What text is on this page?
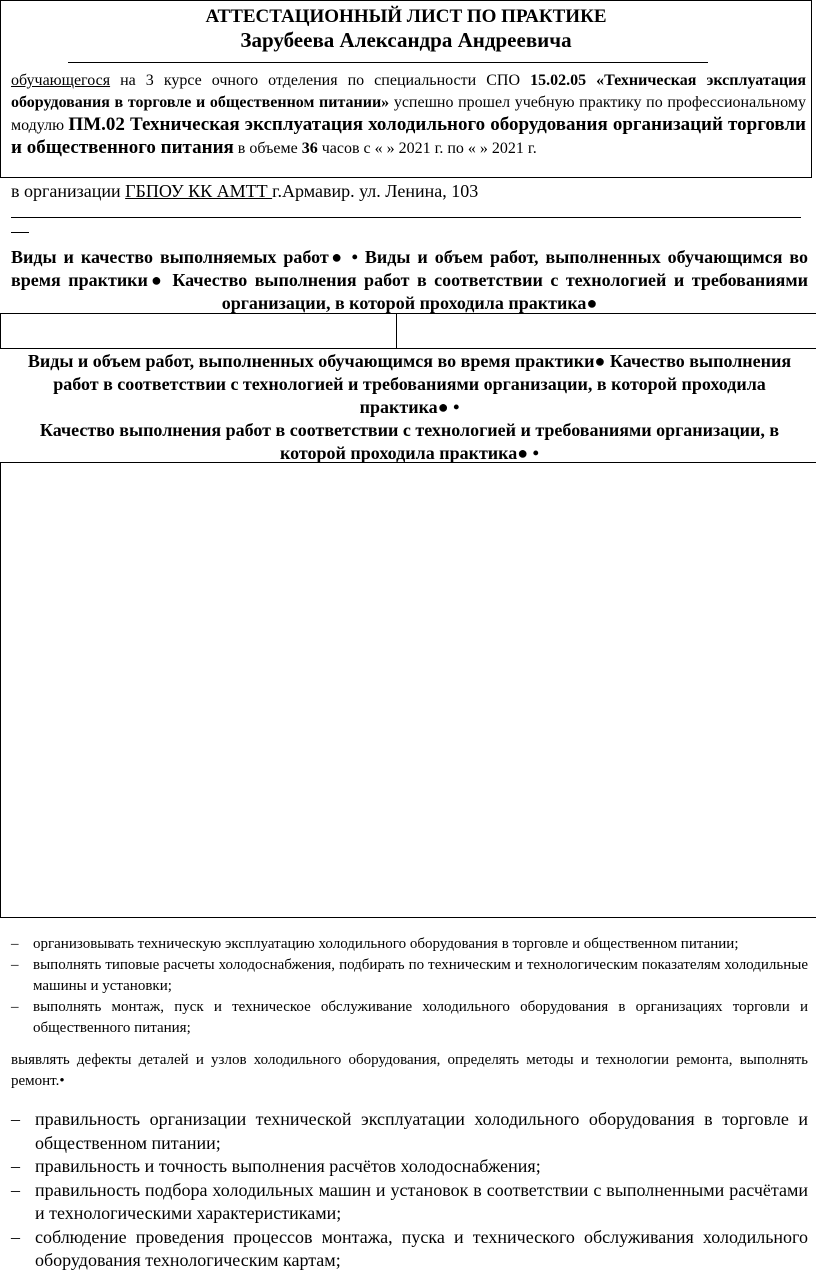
АТТЕСТАЦИОННЫЙ ЛИСТ ПО ПРАКТИКЕ
Зарубеева Александра Андреевича
обучающегося на 3 курсе очного отделения по специальности СПО 15.02.05 «Техническая эксплуатация оборудования в торговле и общественном питании» успешно прошел учебную практику по профессиональному модулю ПМ.02 Техническая эксплуатация холодильного оборудования организаций торговли и общественного питания в объеме 36 часов с « » 2021 г. по « » 2021 г.
в организации ГБПОУ КК АМТТ г.Армавир. ул. Ленина, 103
Виды и качество выполняемых работ● • Виды и объем работ, выполненных обучающимся во время практики● Качество выполнения работ в соответствии с технологией и требованиями организации, в которой проходила практика●
Виды и объем работ, выполненных обучающимся во время практики● Качество выполнения работ в соответствии с технологией и требованиями организации, в которой проходила практика● •
Качество выполнения работ в соответствии с технологией и требованиями организации, в которой проходила практика● •
– организовывать техническую эксплуатацию холодильного оборудования в торговле и общественном питании;
– выполнять типовые расчеты холодоснабжения, подбирать по техническим и технологическим показателям холодильные машины и установки;
– выполнять монтаж, пуск и техническое обслуживание холодильного оборудования в организациях торговли и общественного питания;
выявлять дефекты деталей и узлов холодильного оборудования, определять методы и технологии ремонта, выполнять ремонт.•
– правильность организации технической эксплуатации холодильного оборудования в торговле и общественном питании;
– правильность и точность выполнения расчётов холодоснабжения;
– правильность подбора холодильных машин и установок в соответствии с выполненными расчётами и технологическими характеристиками;
– соблюдение проведения процессов монтажа, пуска и технического обслуживания холодильного оборудования технологическим картам;
